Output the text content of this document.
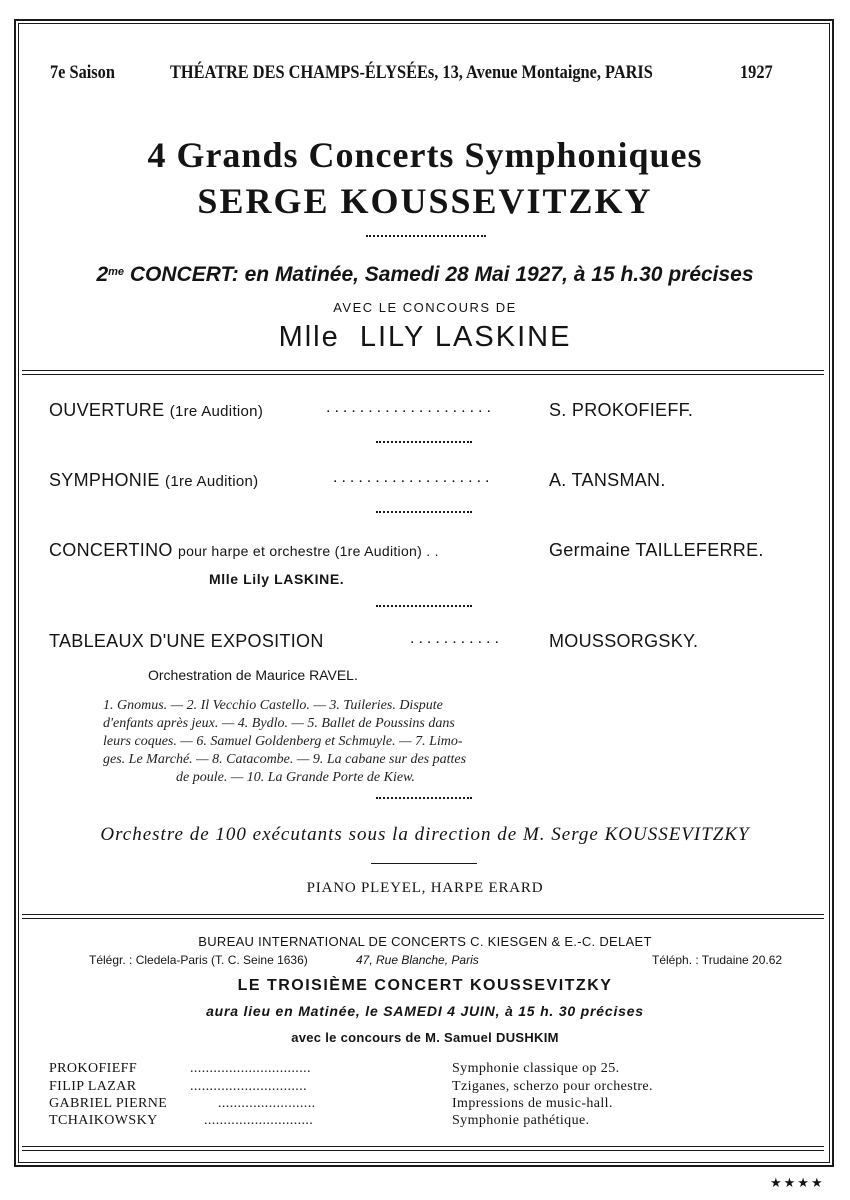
7e Saison	THÉATRE DES CHAMPS-ÉLYSÉEs, 13, Avenue Montaigne, PARIS	1927
4 Grands Concerts Symphoniques
SERGE KOUSSEVITZKY
$2^{me}$ CONCERT: en Matinée, Samedi 28 Mai 1927, à 15 h.30 précises
AVEC LE CONCOURS DE
Mlle LILY LASKINE
OUVERTURE (1re Audition)	....................	S. PROKOFIEFF.
SYMPHONIE (1re Audition)	...................	A. TANSMAN.
CONCERTINO pour harpe et orchestre (1re Audition) . .	Germaine TAILLEFERRE.
Mlle Lily LASKINE.
TABLEAUX D'UNE EXPOSITION	...........	MOUSSORGSKY.
Orchestration de Maurice RAVEL.
1. Gnomus. — 2. Il Vecchio Castello. — 3. Tuileries. Dispute
d'enfants après jeux. — 4. Bydlo. — 5. Ballet de Poussins dans
leurs coques. — 6. Samuel Goldenberg et Schmuyle. — 7. Limo-
ges. Le Marché. — 8. Catacombe. — 9. La cabane sur des pattes
de poule. — 10. La Grande Porte de Kiew.
Orchestre de 100 exécutants sous la direction de M. Serge KOUSSEVITZKY
PIANO PLEYEL, HARPE ERARD
BUREAU INTERNATIONAL DE CONCERTS C. KIESGEN & E.-C. DELAET
Télégr. : Cledela-Paris (T. C. Seine 1636)	47, Rue Blanche, Paris	Téléph. : Trudaine 20.62
LE TROISIÈME CONCERT KOUSSEVITZKY
aura lieu en Matinée, le SAMEDI 4 JUIN, à 15 h. 30 précises
avec le concours de M. Samuel DUSHKIM
PROKOFIEFF	...............................	Symphonie classique op 25.
FILIP LAZAR	..............................	Tziganes, scherzo pour orchestre.
GABRIEL PIERNE	.........................	Impressions de music-hall.
TCHAIKOWSKY	............................	Symphonie pathétique.
★★★★
